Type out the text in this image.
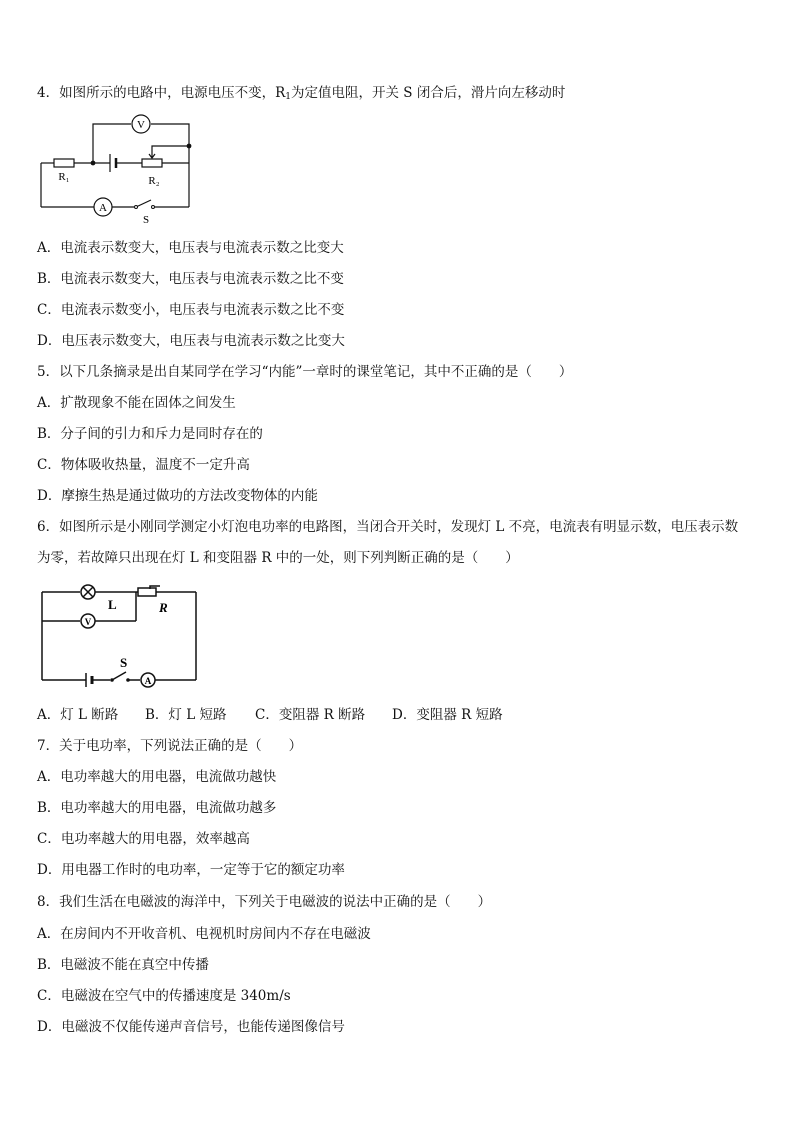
4．如图所示的电路中，电源电压不变，$R_1$为定值电阻，开关 S 闭合后，滑片向左移动时
V
A
R₁	R₂
S
A．电流表示数变大，电压表与电流表示数之比变大
B．电流表示数变大，电压表与电流表示数之比不变
C．电流表示数变小，电压表与电流表示数之比不变
D．电压表示数变大，电压表与电流表示数之比变大
5．以下几条摘录是出自某同学在学习“内能”一章时的课堂笔记，其中不正确的是（　　）
A．扩散现象不能在固体之间发生
B．分子间的引力和斥力是同时存在的
C．物体吸收热量，温度不一定升高
D．摩擦生热是通过做功的方法改变物体的内能
6．如图所示是小刚同学测定小灯泡电功率的电路图，当闭合开关时，发现灯 L 不亮，电流表有明显示数，电压表示数
为零，若故障只出现在灯 L 和变阻器 R 中的一处，则下列判断正确的是（　　）
L	R
V
S
A
A．灯 L 断路 B．灯 L 短路 C．变阻器 R 断路 D．变阻器 R 短路
7．关于电功率，下列说法正确的是（　　）
A．电功率越大的用电器，电流做功越快
B．电功率越大的用电器，电流做功越多
C．电功率越大的用电器，效率越高
D．用电器工作时的电功率，一定等于它的额定功率
8．我们生活在电磁波的海洋中，下列关于电磁波的说法中正确的是（　　）
A．在房间内不开收音机、电视机时房间内不存在电磁波
B．电磁波不能在真空中传播
C．电磁波在空气中的传播速度是 340m/s
D．电磁波不仅能传递声音信号，也能传递图像信号
